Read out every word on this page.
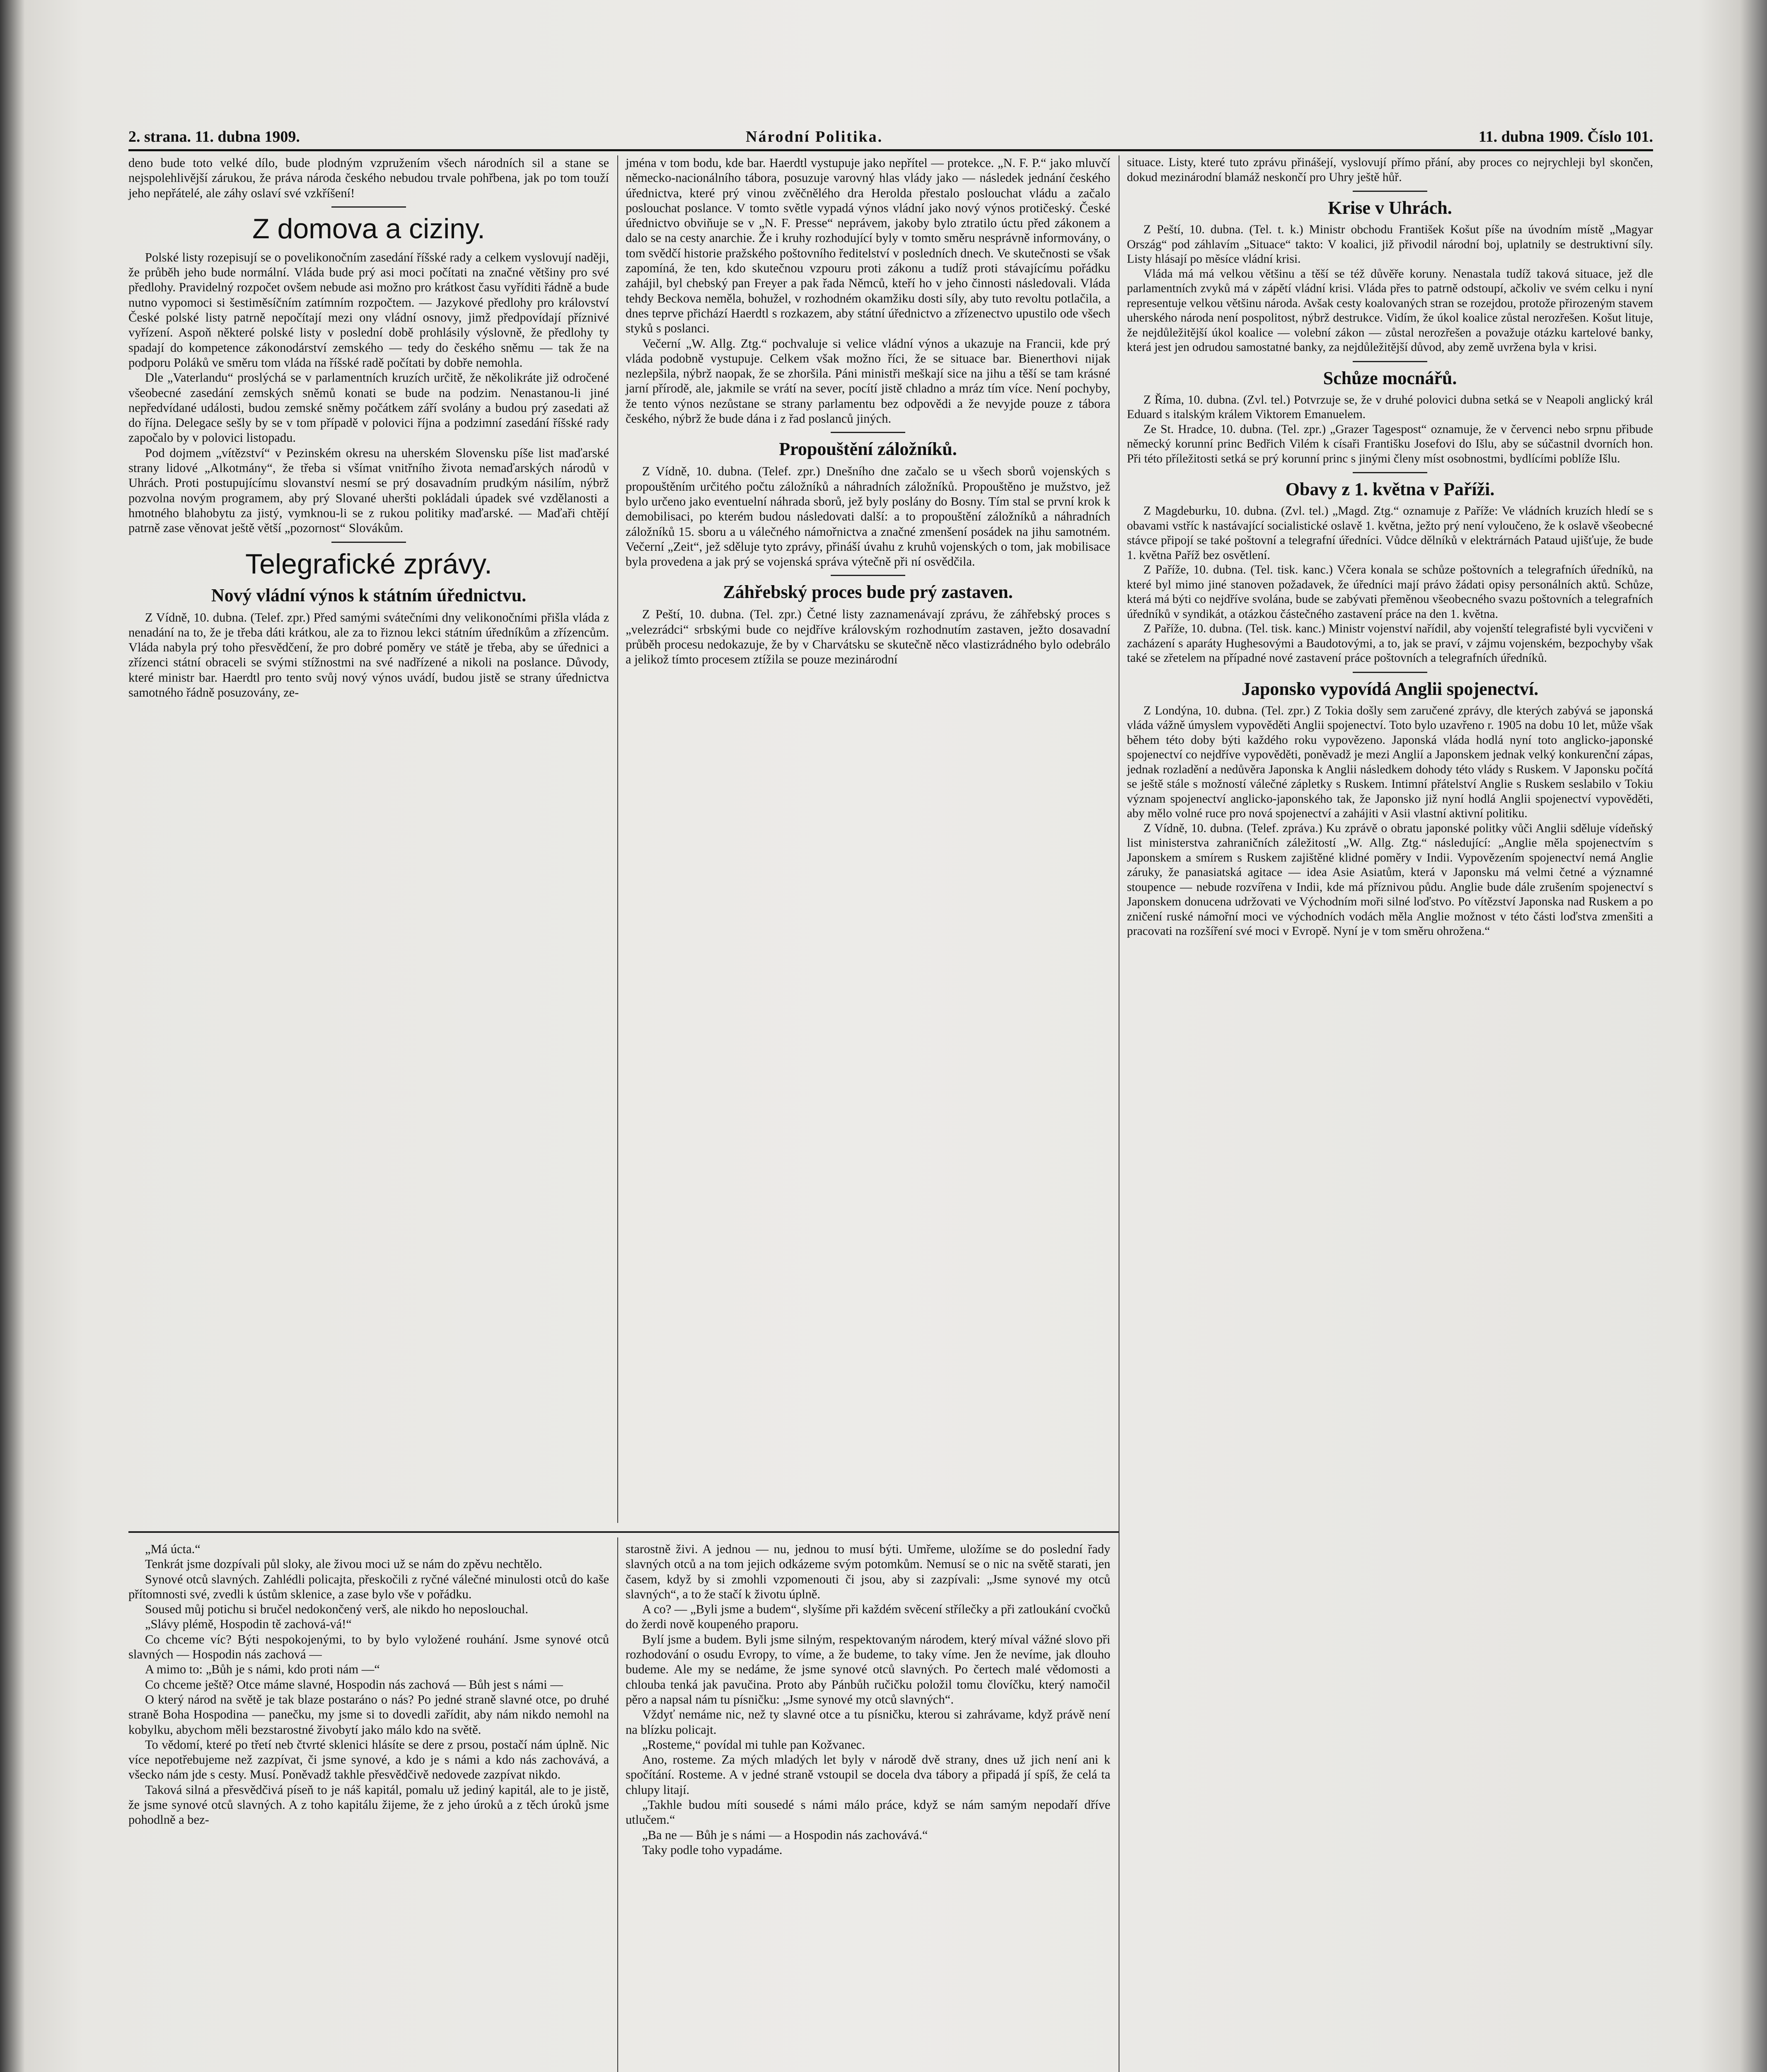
2. strana. 11. dubna 1909.	Národní Politika.	11. dubna 1909. Číslo 101.

deno bude toto velké dílo, bude plodným vzpružením všech národních sil a stane se nejspolehlivější zárukou, že práva národa českého nebudou trvale pohřbena, jak po tom touží jeho nepřátelé, ale záhy oslaví své vzkříšení!

Z domova a ciziny.

Polské listy rozepisují se o povelikonočním zasedání říšské rady a celkem vyslovují naději, že průběh jeho bude normální. Vláda bude prý asi moci počítati na značné většiny pro své předlohy. Pravidelný rozpočet ovšem nebude asi možno pro krátkost času vyříditi řádně a bude nutno vypomoci si šestiměsíčním zatímním rozpočtem. — Jazykové předlohy pro království České polské listy patrně nepočítají mezi ony vládní osnovy, jimž předpovídají příznivé vyřízení. Aspoň některé polské listy v poslední době prohlásily výslovně, že předlohy ty spadají do kompetence zákonodárství zemského — tedy do českého sněmu — tak že na podporu Poláků ve směru tom vláda na říšské radě počítati by dobře nemohla.

Dle „Vaterlandu“ proslýchá se v parlamentních kruzích určitě, že několikráte již odročené všeobecné zasedání zemských sněmů konati se bude na podzim. Nenastanou-li jiné nepředvídané události, budou zemské sněmy počátkem září svolány a budou prý zasedati až do října. Delegace sešly by se v tom případě v polovici října a podzimní zasedání říšské rady započalo by v polovici listopadu.

Pod dojmem „vítězství“ v Pezinském okresu na uherském Slovensku píše list maďarské strany lidové „Alkotmány“, že třeba si všímat vnitřního života nemaďarských národů v Uhrách. Proti postupujícímu slovanství nesmí se prý dosavadním prudkým násilím, nýbrž pozvolna novým programem, aby prý Slované uheršti pokládali úpadek své vzdělanosti a hmotného blahobytu za jistý, vymknou-li se z rukou politiky maďarské. — Maďaři chtějí patrně zase věnovat ještě větší „pozornost“ Slovákům.

Telegrafické zprávy.
Nový vládní výnos k státním úřednictvu.

Z Vídně, 10. dubna. (Telef. zpr.) Před samými svátečními dny velikonočními přišla vláda z nenadání na to, že je třeba dáti krátkou, ale za to řiznou lekci státním úředníkům a zřízencům. Vláda nabyla prý toho přesvědčení, že pro dobré poměry ve státě je třeba, aby se úřednici a zřízenci státní obraceli se svými stížnostmi na své nadřízené a nikoli na poslance. Důvody, které ministr bar. Haerdtl pro tento svůj nový výnos uvádí, budou jistě se strany úřednictva samotného řádně posuzovány, ze-

jména v tom bodu, kde bar. Haerdtl vystupuje jako nepřítel — protekce. „N. F. P.“ jako mluvčí německo-nacionálního tábora, posuzuje varovný hlas vlády jako — následek jednání českého úřednictva, které prý vinou zvěčnělého dra Herolda přestalo poslouchat vládu a začalo poslouchat poslance. V tomto světle vypadá výnos vládní jako nový výnos protičeský. České úřednictvo obviňuje se v „N. F. Presse“ neprávem, jakoby bylo ztratilo úctu před zákonem a dalo se na cesty anarchie. Že i kruhy rozhodující byly v tomto směru nesprávně informovány, o tom svědčí historie pražského poštovního ředitelství v posledních dnech. Ve skutečnosti se však zapomíná, že ten, kdo skutečnou vzpouru proti zákonu a tudíž proti stávajícímu pořádku zahájil, byl chebský pan Freyer a pak řada Němců, kteří ho v jeho činnosti následovali. Vláda tehdy Beckova neměla, bohužel, v rozhodném okamžiku dosti síly, aby tuto revoltu potlačila, a dnes teprve přichází Haerdtl s rozkazem, aby státní úřednictvo a zřízenectvo upustilo ode všech styků s poslanci.

Večerní „W. Allg. Ztg.“ pochvaluje si velice vládní výnos a ukazuje na Francii, kde prý vláda podobně vystupuje. Celkem však možno říci, že se situace bar. Bienerthovi nijak nezlepšila, nýbrž naopak, že se zhoršila. Páni ministři meškají sice na jihu a těší se tam krásné jarní přírodě, ale, jakmile se vrátí na sever, pocítí jistě chladno a mráz tím více. Není pochyby, že tento výnos nezůstane se strany parlamentu bez odpovědi a že nevyjde pouze z tábora českého, nýbrž že bude dána i z řad poslanců jiných.

Propouštění záložníků.

Z Vídně, 10. dubna. (Telef. zpr.) Dnešního dne začalo se u všech sborů vojenských s propouštěním určitého počtu záložníků a náhradních záložníků. Propouštěno je mužstvo, jež bylo určeno jako eventuelní náhrada sborů, jež byly poslány do Bosny. Tím stal se první krok k demobilisaci, po kterém budou následovati další: a to propouštění záložníků a náhradních záložníků 15. sboru a u válečného námořnictva a značné zmenšení posádek na jihu samotném. Večerní „Zeit“, jež sděluje tyto zprávy, přináší úvahu z kruhů vojenských o tom, jak mobilisace byla provedena a jak prý se vojenská správa výtečně při ní osvědčila.

Záhřebský proces bude prý zastaven.

Z Peští, 10. dubna. (Tel. zpr.) Četné listy zaznamenávají zprávu, že záhřebský proces s „velezrádci“ srbskými bude co nejdříve královským rozhodnutím zastaven, ježto dosavadní průběh procesu nedokazuje, že by v Charvátsku se skutečně něco vlastizrádného bylo odebrálo a jelikož tímto procesem ztížila se pouze mezinárodní

situace. Listy, které tuto zprávu přinášejí, vyslovují přímo přání, aby proces co nejrychleji byl skončen, dokud mezinárodní blamáž neskončí pro Uhry ještě hůř.

Krise v Uhrách.

Z Peští, 10. dubna. (Tel. t. k.) Ministr obchodu František Košut píše na úvodním místě „Magyar Ország“ pod záhlavím „Situace“ takto: V koalici, již přivodil národní boj, uplatnily se destruktivní síly. Listy hlásají po měsíce vládní krisi.

Vláda má má velkou většinu a těší se též důvěře koruny. Nenastala tudíž taková situace, jež dle parlamentních zvyků má v zápětí vládní krisi. Vláda přes to patrně odstoupí, ačkoliv ve svém celku i nyní representuje velkou většinu národa. Avšak cesty koalovaných stran se rozejdou, protože přirozeným stavem uherského národa není pospolitost, nýbrž destrukce. Vidím, že úkol koalice zůstal nerozřešen. Košut lituje, že nejdůležitější úkol koalice — volební zákon — zůstal nerozřešen a považuje otázku kartelové banky, která jest jen odrudou samostatné banky, za nejdůležitější důvod, aby země uvržena byla v krisi.

Schůze mocnářů.

Z Říma, 10. dubna. (Zvl. tel.) Potvrzuje se, že v druhé polovici dubna setká se v Neapoli anglický král Eduard s italským králem Viktorem Emanuelem.

Ze St. Hradce, 10. dubna. (Tel. zpr.) „Grazer Tagespost“ oznamuje, že v červenci nebo srpnu přibude německý korunní princ Bedřich Vilém k císaři Františku Josefovi do Išlu, aby se súčastnil dvorních hon. Při této příležitosti setká se prý korunní princ s jinými členy míst osobnostmi, bydlícími poblíže Išlu.

Obavy z 1. května v Paříži.

Z Magdeburku, 10. dubna. (Zvl. tel.) „Magd. Ztg.“ oznamuje z Paříže: Ve vládních kruzích hledí se s obavami vstříc k nastávající socialistické oslavě 1. května, ježto prý není vyloučeno, že k oslavě všeobecné stávce připojí se také poštovní a telegrafní úředníci. Vůdce dělníků v elektrárnách Pataud ujišťuje, že bude 1. května Paříž bez osvětlení.

Z Paříže, 10. dubna. (Tel. tisk. kanc.) Včera konala se schůze poštovních a telegrafních úředníků, na které byl mimo jiné stanoven požadavek, že úředníci mají právo žádati opisy personálních aktů. Schůze, která má býti co nejdříve svolána, bude se zabývati přeměnou všeobecného svazu poštovních a telegrafních úředníků v syndikát, a otázkou částečného zastavení práce na den 1. května.

Z Paříže, 10. dubna. (Tel. tisk. kanc.) Ministr vojenství nařídil, aby vojenští telegrafisté byli vycvičeni v zacházení s aparáty Hughesovými a Baudotovými, a to, jak se praví, v zájmu vojenském, bezpochyby však také se zřetelem na případné nové zastavení práce poštovních a telegrafních úředníků.

Japonsko vypovídá Anglii spojenectví.

Z Londýna, 10. dubna. (Tel. zpr.) Z Tokia došly sem zaručené zprávy, dle kterých zabývá se japonská vláda vážně úmyslem vypověděti Anglii spojenectví. Toto bylo uzavřeno r. 1905 na dobu 10 let, může však během této doby býti každého roku vypovězeno. Japonská vláda hodlá nyní toto anglicko-japonské spojenectví co nejdříve vypověděti, poněvadž je mezi Anglií a Japonskem jednak velký konkurenční zápas, jednak rozladění a nedůvěra Japonska k Anglii následkem dohody této vlády s Ruskem. V Japonsku počítá se ještě stále s možností válečné zápletky s Ruskem. Intimní přátelství Anglie s Ruskem seslabilo v Tokiu význam spojenectví anglicko-japonského tak, že Japonsko již nyní hodlá Anglii spojenectví vypověděti, aby mělo volné ruce pro nová spojenectví a zahájiti v Asii vlastní aktivní politiku.

Z Vídně, 10. dubna. (Telef. zpráva.) Ku zprávě o obratu japonské politky vůči Anglii sděluje vídeňský list ministerstva zahraničních záležitostí „W. Allg. Ztg.“ následující: „Anglie měla spojenectvím s Japonskem a smírem s Ruskem zajištěné klidné poměry v Indii. Vypovězením spojenectví nemá Anglie záruky, že panasiatská agitace — idea Asie Asiatům, která v Japonsku má velmi četné a významné stoupence — nebude rozvířena v Indii, kde má příznivou půdu. Anglie bude dále zrušením spojenectví s Japonskem donucena udržovati ve Východním moři silné loďstvo. Po vítězství Japonska nad Ruskem a po zničení ruské námořní moci ve východních vodách měla Anglie možnost v této části loďstva zmenšiti a pracovati na rozšíření své moci v Evropě. Nyní je v tom směru ohrožena.“

„Má úcta.“

Tenkrát jsme dozpívali půl sloky, ale živou moci už se nám do zpěvu nechtělo.

Synové otců slavných. Zahlédli policajta, přeskočili z ryčné válečné minulosti otců do kaše přítomnosti své, zvedli k ústům sklenice, a zase bylo vše v pořádku.

Soused můj potichu si bručel nedokončený verš, ale nikdo ho neposlouchal.

„Slávy plémě, Hospodin tě zachová-vá!“

Co chceme víc? Býti nespokojenými, to by bylo vyložené rouhání. Jsme synové otců slavných — Hospodin nás zachová —

A mimo to: „Bůh je s námi, kdo proti nám —“

Co chceme ještě? Otce máme slavné, Hospodin nás zachová — Bůh jest s námi —

O který národ na světě je tak blaze postaráno o nás? Po jedné straně slavné otce, po druhé straně Boha Hospodina — panečku, my jsme si to dovedli zařídit, aby nám nikdo nemohl na kobylku, abychom měli bezstarostné živobytí jako málo kdo na světě.

To vědomí, které po třetí neb čtvrté sklenici hlásíte se dere z prsou, postačí nám úplně. Nic více nepotřebujeme než zazpívat, či jsme synové, a kdo je s námi a kdo nás zachovává, a všecko nám jde s cesty. Musí. Poněvadž takhle přesvědčivě nedovede zazpívat nikdo.

Taková silná a přesvědčivá píseň to je náš kapitál, pomalu už jediný kapitál, ale to je jistě, že jsme synové otců slavných. A z toho kapitálu žijeme, že z jeho úroků a z těch úroků jsme pohodlně a bez-

starostně živi. A jednou — nu, jednou to musí býti. Umřeme, uložíme se do poslední řady slavných otců a na tom jejich odkázeme svým potomkům. Nemusí se o nic na světě starati, jen časem, když by si zmohli vzpomenouti či jsou, aby si zazpívali: „Jsme synové my otců slavných“, a to že stačí k životu úplně.

A co? — „Byli jsme a budem“, slyšíme při každém svěcení střílečky a při zatloukání cvočků do žerdi nově koupeného praporu.

Bylí jsme a budem. Byli jsme silným, respektovaným národem, který míval vážné slovo při rozhodování o osudu Evropy, to víme, a že budeme, to taky víme. Jen že nevíme, jak dlouho budeme. Ale my se nedáme, že jsme synové otců slavných. Po čertech malé vědomosti a chlouba tenká jak pavučina. Proto aby Pánbůh ručičku položil tomu človíčku, který namočil pěro a napsal nám tu písničku: „Jsme synové my otců slavných“.

Vždyť nemáme nic, než ty slavné otce a tu písničku, kterou si zahrávame, když právě není na blízku policajt.

„Rosteme,“ povídal mi tuhle pan Kožvanec.

Ano, rosteme. Za mých mladých let byly v národě dvě strany, dnes už jich není ani k spočítání. Rosteme. A v jedné straně vstoupil se docela dva tábory a připadá jí spíš, že celá ta chlupy litají.

„Takhle budou míti sousedé s námi málo práce, když se nám samým nepodaří dříve utlučem.“

„Ba ne — Bůh je s námi — a Hospodin nás zachovává.“

Taky podle toho vypadáme.
